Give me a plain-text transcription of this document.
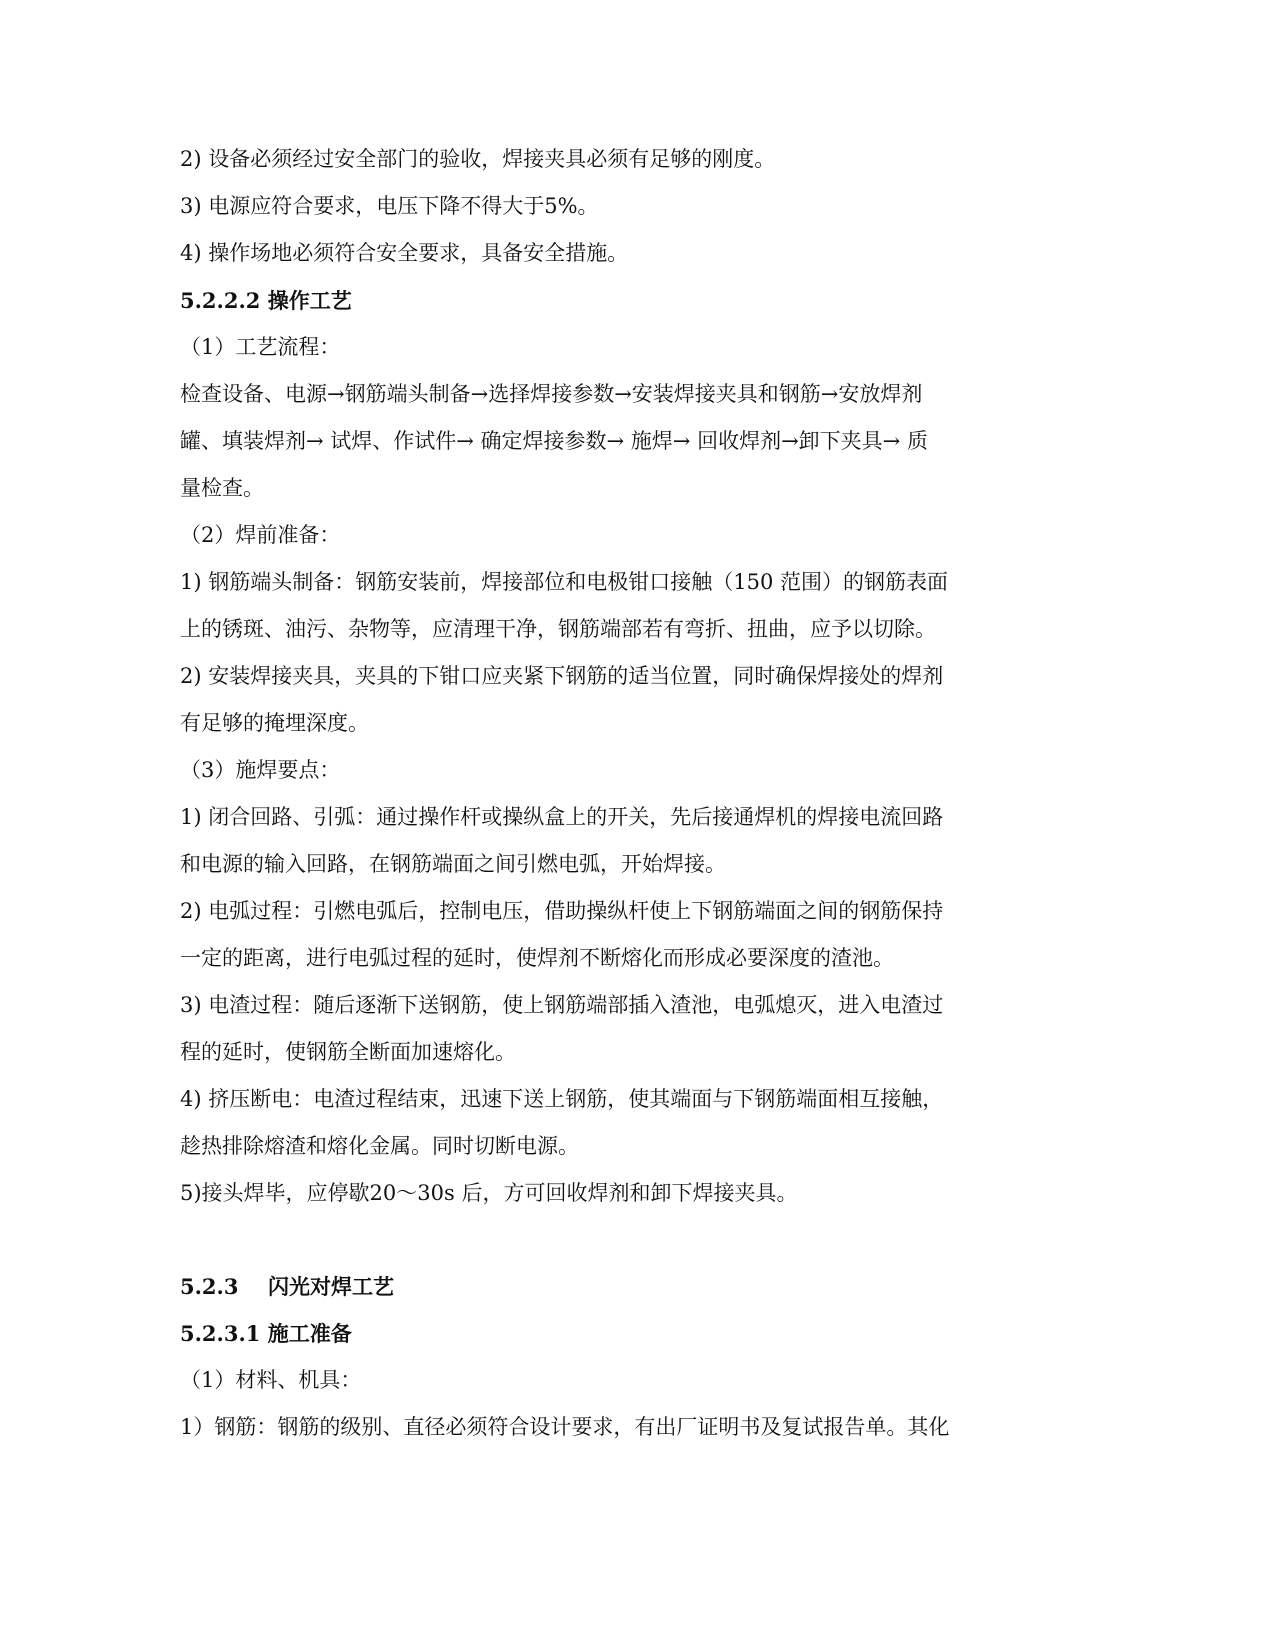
2) 设备必须经过安全部门的验收，焊接夹具必须有足够的刚度。
3) 电源应符合要求，电压下降不得大于5%。
4) 操作场地必须符合安全要求，具备安全措施。
5.2.2.2 操作工艺
（1）工艺流程：
检查设备、电源→钢筋端头制备→选择焊接参数→安装焊接夹具和钢筋→安放焊剂
罐、填装焊剂→ 试焊、作试件→ 确定焊接参数→ 施焊→ 回收焊剂→卸下夹具→ 质
量检查。
（2）焊前准备：
1) 钢筋端头制备：钢筋安装前，焊接部位和电极钳口接触（150 范围）的钢筋表面
上的锈斑、油污、杂物等，应清理干净，钢筋端部若有弯折、扭曲，应予以切除。
2) 安装焊接夹具，夹具的下钳口应夹紧下钢筋的适当位置，同时确保焊接处的焊剂
有足够的掩埋深度。
（3）施焊要点：
1) 闭合回路、引弧：通过操作杆或操纵盒上的开关，先后接通焊机的焊接电流回路
和电源的输入回路，在钢筋端面之间引燃电弧，开始焊接。
2) 电弧过程：引燃电弧后，控制电压，借助操纵杆使上下钢筋端面之间的钢筋保持
一定的距离，进行电弧过程的延时，使焊剂不断熔化而形成必要深度的渣池。
3) 电渣过程：随后逐渐下送钢筋，使上钢筋端部插入渣池，电弧熄灭，进入电渣过
程的延时，使钢筋全断面加速熔化。
4) 挤压断电：电渣过程结束，迅速下送上钢筋，使其端面与下钢筋端面相互接触，
趁热排除熔渣和熔化金属。同时切断电源。
5)接头焊毕，应停歇20～30s 后，方可回收焊剂和卸下焊接夹具。
5.2.3 闪光对焊工艺
5.2.3.1 施工准备
（1）材料、机具：
1）钢筋：钢筋的级别、直径必须符合设计要求，有出厂证明书及复试报告单。其化
